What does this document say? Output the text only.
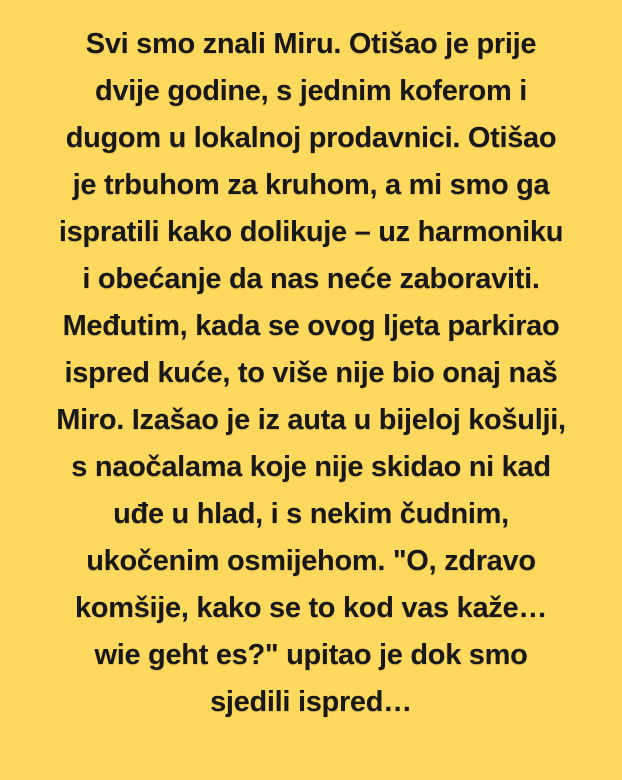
Svi smo znali Miru. Otišao je prije
dvije godine, s jednim koferom i
dugom u lokalnoj prodavnici. Otišao
je trbuhom za kruhom, a mi smo ga
ispratili kako dolikuje – uz harmoniku
i obećanje da nas neće zaboraviti.
Međutim, kada se ovog ljeta parkirao
ispred kuće, to više nije bio onaj naš
Miro. Izašao je iz auta u bijeloj košulji,
s naočalama koje nije skidao ni kad
uđe u hlad, i s nekim čudnim,
ukočenim osmijehom. "O, zdravo
komšije, kako se to kod vas kaže…
wie geht es?" upitao je dok smo
sjedili ispred…
